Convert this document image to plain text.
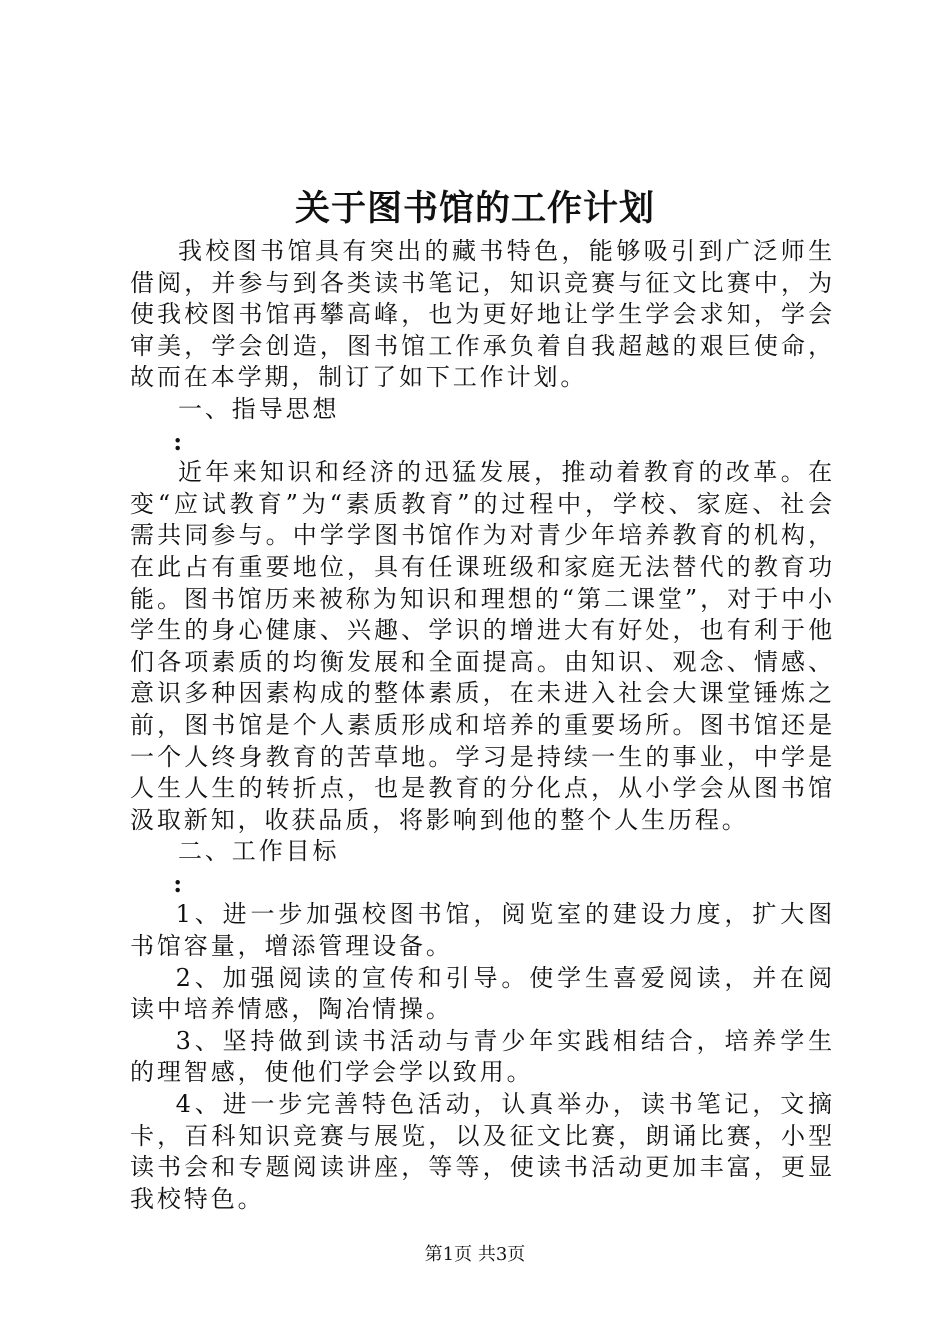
关于图书馆的工作计划

我校图书馆具有突出的藏书特色，能够吸引到广泛师生借阅，并参与到各类读书笔记，知识竞赛与征文比赛中，为使我校图书馆再攀高峰，也为更好地让学生学会求知，学会审美，学会创造，图书馆工作承负着自我超越的艰巨使命，故而在本学期，制订了如下工作计划。

一、指导思想

:

近年来知识和经济的迅猛发展，推动着教育的改革。在变“应试教育”为“素质教育”的过程中，学校、家庭、社会需共同参与。中学学图书馆作为对青少年培养教育的机构，在此占有重要地位，具有任课班级和家庭无法替代的教育功能。图书馆历来被称为知识和理想的“第二课堂”，对于中小学生的身心健康、兴趣、学识的增进大有好处，也有利于他们各项素质的均衡发展和全面提高。由知识、观念、情感、意识多种因素构成的整体素质，在未进入社会大课堂锤炼之前，图书馆是个人素质形成和培养的重要场所。图书馆还是一个人终身教育的苦草地。学习是持续一生的事业，中学是人生人生的转折点，也是教育的分化点，从小学会从图书馆汲取新知，收获品质，将影响到他的整个人生历程。

二、工作目标

:

1、进一步加强校图书馆，阅览室的建设力度，扩大图书馆容量，增添管理设备。

2、加强阅读的宣传和引导。使学生喜爱阅读，并在阅读中培养情感，陶冶情操。

3、坚持做到读书活动与青少年实践相结合，培养学生的理智感，使他们学会学以致用。

4、进一步完善特色活动，认真举办，读书笔记，文摘卡，百科知识竞赛与展览，以及征文比赛，朗诵比赛，小型读书会和专题阅读讲座，等等，使读书活动更加丰富，更显我校特色。

第1页 共3页
